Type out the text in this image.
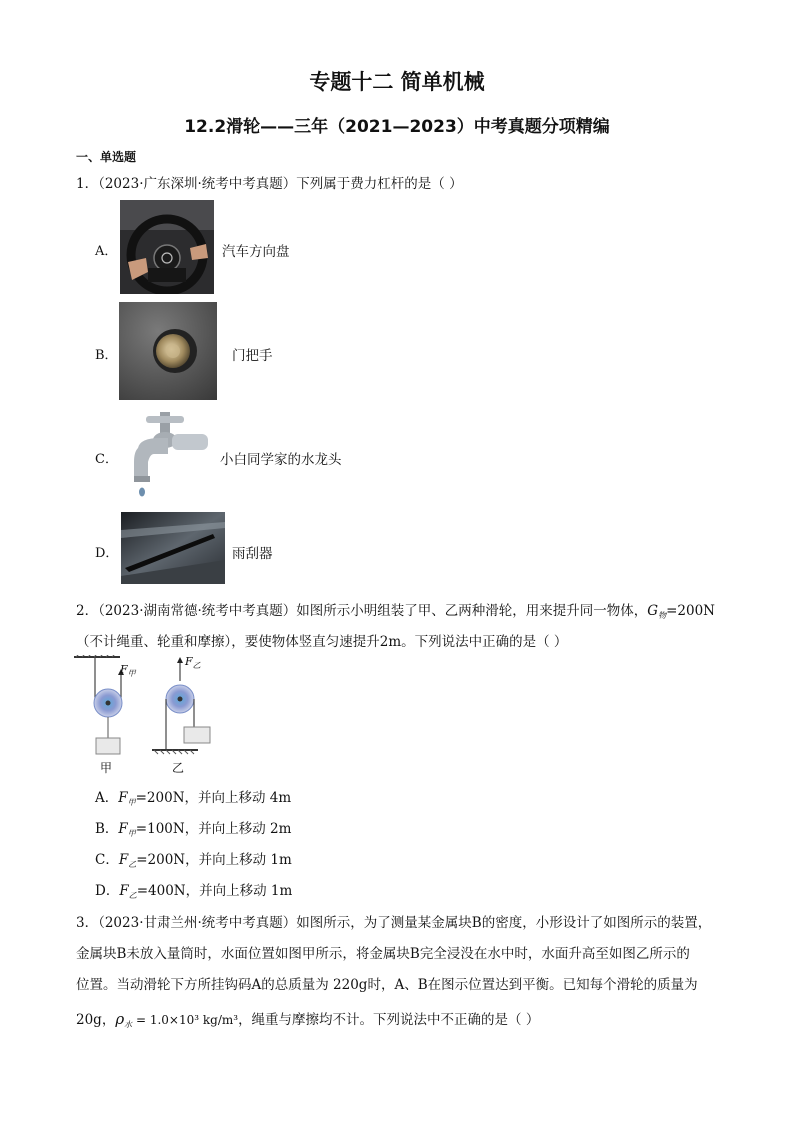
专题十二 简单机械
12.2滑轮——三年（2021—2023）中考真题分项精编
一、单选题
1．（2023·广东深圳·统考中考真题）下列属于费力杠杆的是（ ）
A．	汽车方向盘
B．	门把手
C．	小白同学家的水龙头
D．	雨刮器
2．（2023·湖南常德·统考中考真题）如图所示小明组装了甲、乙两种滑轮，用来提升同一物体，$G_物=200N$
（不计绳重、轮重和摩擦），要使物体竖直匀速提升2m。下列说法中正确的是（ ）
$F_甲$
$F_乙$
甲	乙
A．$F_甲=200N$，并向上移动 4m
B．$F_甲=100N$，并向上移动 2m
C．$F_乙=200N$，并向上移动 1m
D．$F_乙=400N$，并向上移动 1m
3．（2023·甘肃兰州·统考中考真题）如图所示，为了测量某金属块B的密度，小形设计了如图所示的装置，
金属块B未放入量筒时，水面位置如图甲所示，将金属块B完全浸没在水中时，水面升高至如图乙所示的
位置。当动滑轮下方所挂钩码A的总质量为 220g时，A、B在图示位置达到平衡。已知每个滑轮的质量为
20g，$\rho_水 = 1.0\times 10^3$ kg/m³，绳重与摩擦均不计。下列说法中不正确的是（ ）
